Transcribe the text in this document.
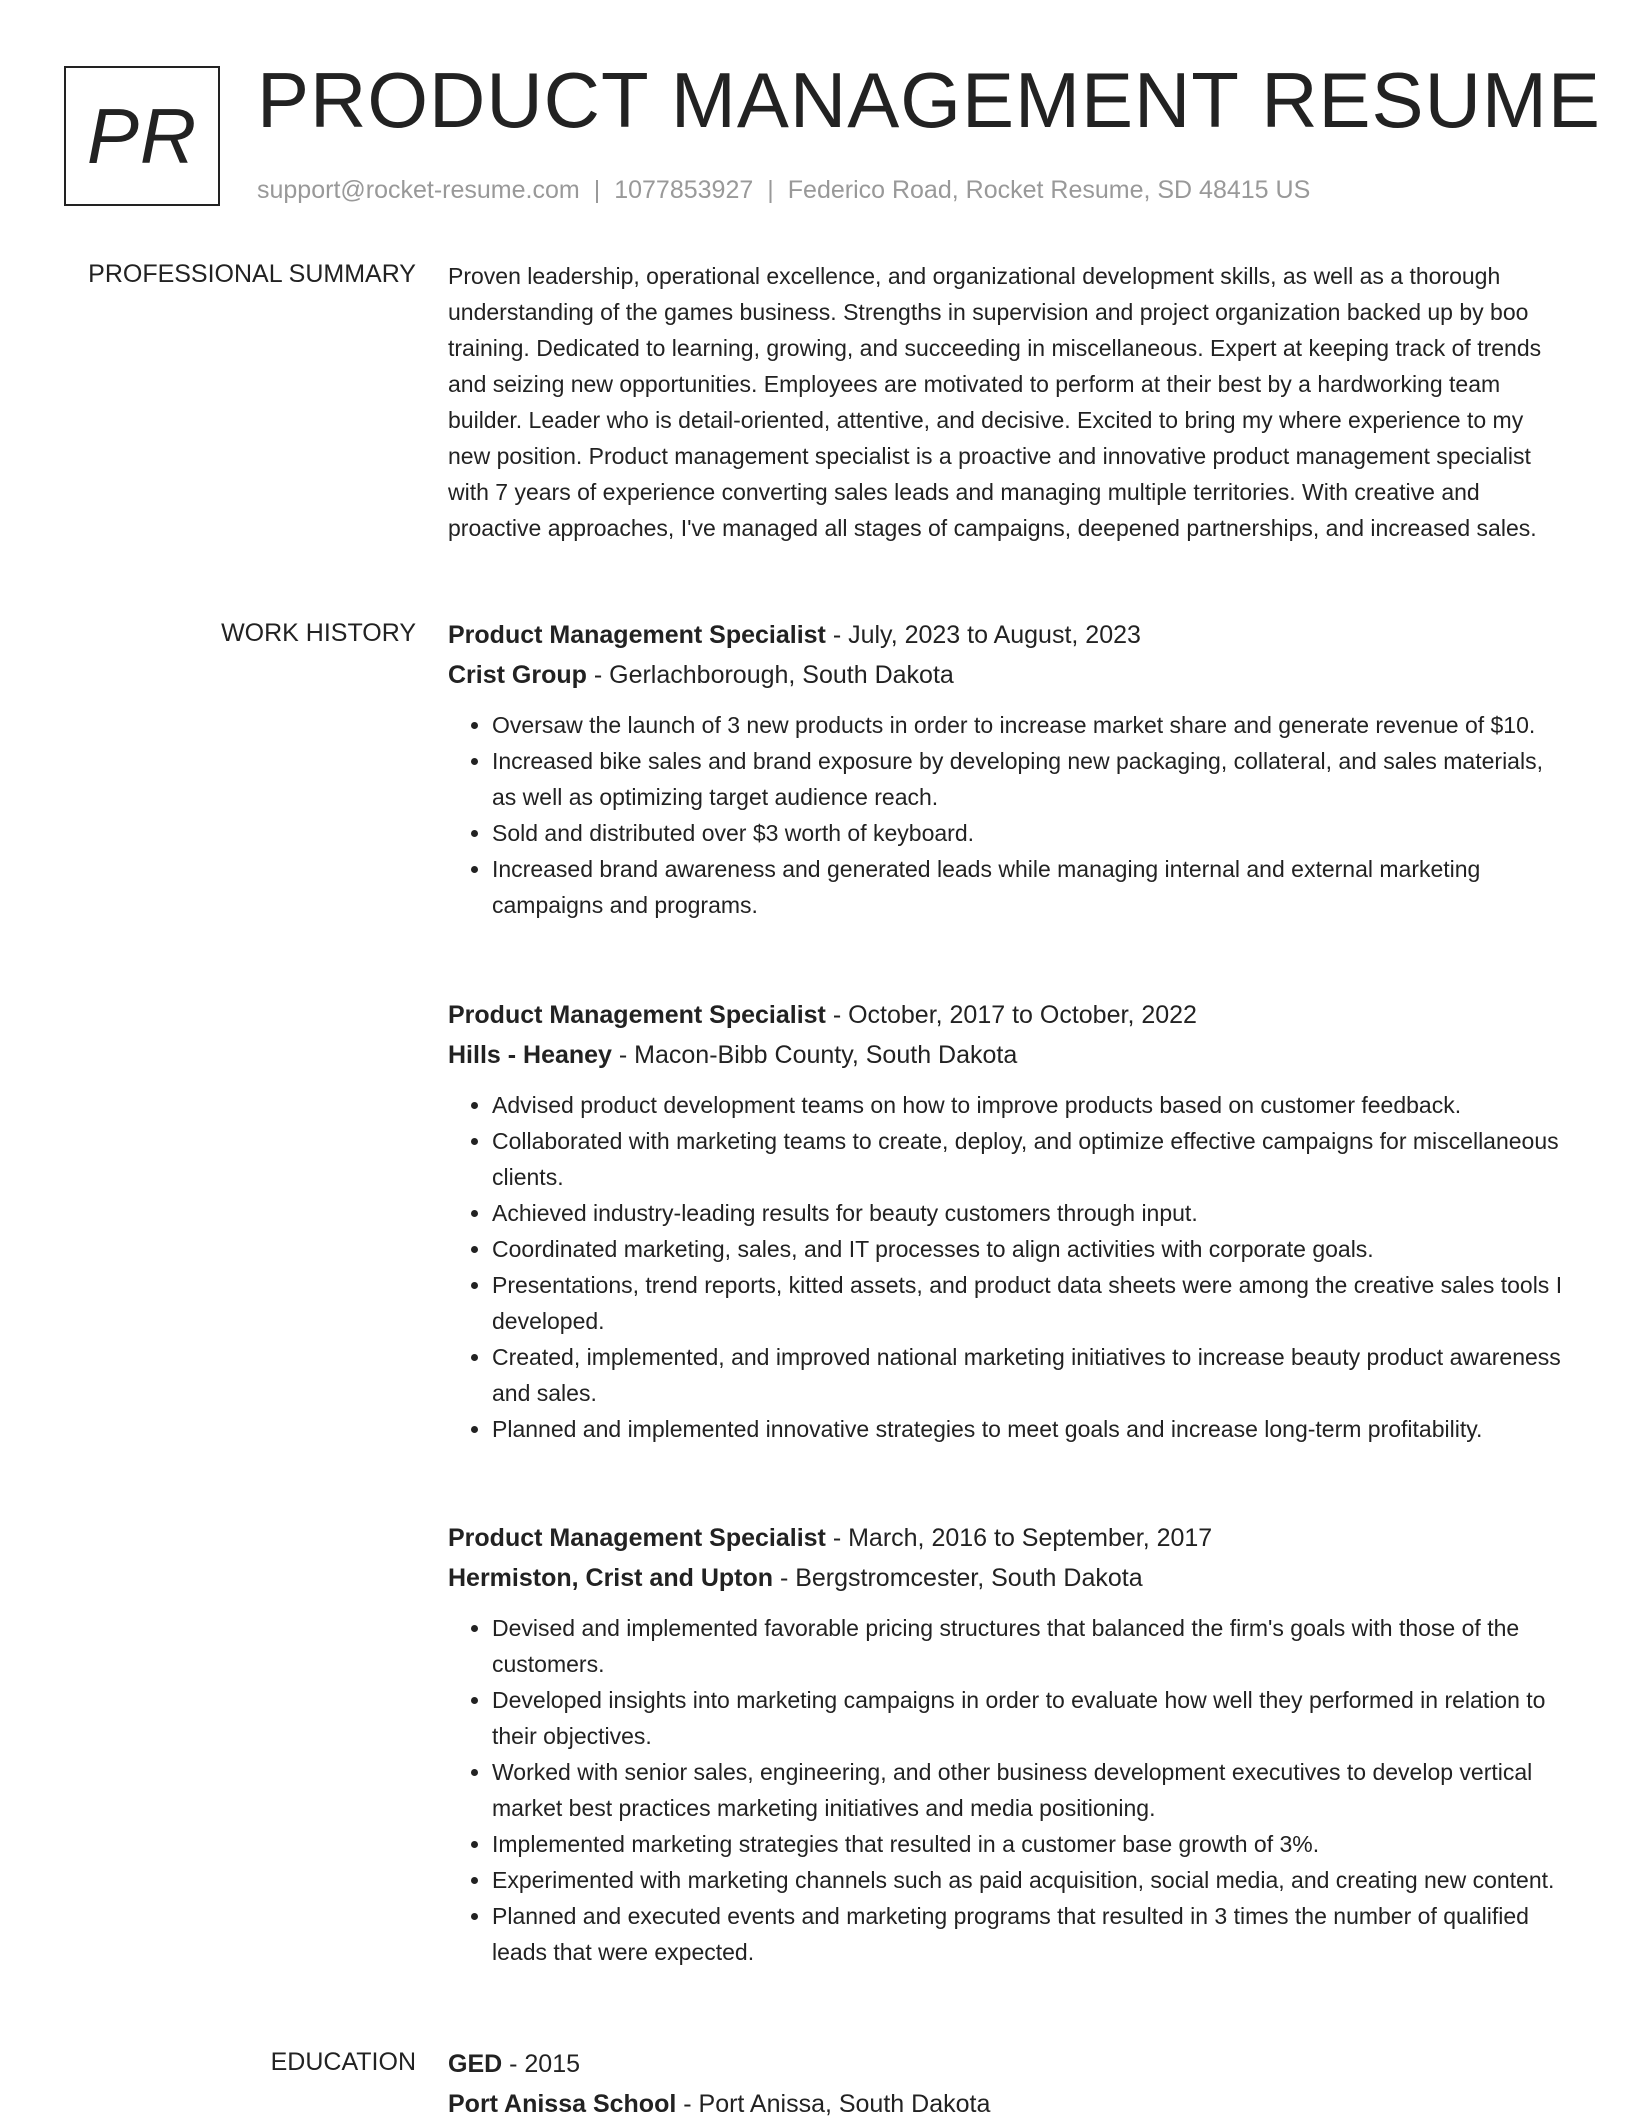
PR PRODUCT MANAGEMENT RESUME
support@rocket-resume.com | 1077853927 | Federico Road, Rocket Resume, SD 48415 US
PROFESSIONAL SUMMARY Proven leadership, operational excellence, and organizational development skills, as well as a thorough understanding of the games business. Strengths in supervision and project organization backed up by boo training. Dedicated to learning, growing, and succeeding in miscellaneous. Expert at keeping track of trends and seizing new opportunities. Employees are motivated to perform at their best by a hardworking team builder. Leader who is detail-oriented, attentive, and decisive. Excited to bring my where experience to my new position. Product management specialist is a proactive and innovative product management specialist with 7 years of experience converting sales leads and managing multiple territories. With creative and proactive approaches, I've managed all stages of campaigns, deepened partnerships, and increased sales.

WORK HISTORY Product Management Specialist - July, 2023 to August, 2023

Crist Group - Gerlachborough, South Dakota

• Oversaw the launch of 3 new products in order to increase market share and generate revenue of $10.
• Increased bike sales and brand exposure by developing new packaging, collateral, and sales materials, as well as optimizing target audience reach.
• Sold and distributed over $3 worth of keyboard.
• Increased brand awareness and generated leads while managing internal and external marketing campaigns and programs.

Product Management Specialist - October, 2017 to October, 2022

Hills - Heaney - Macon-Bibb County, South Dakota

• Advised product development teams on how to improve products based on customer feedback.
• Collaborated with marketing teams to create, deploy, and optimize effective campaigns for miscellaneous clients.
• Achieved industry-leading results for beauty customers through input.
• Coordinated marketing, sales, and IT processes to align activities with corporate goals.
• Presentations, trend reports, kitted assets, and product data sheets were among the creative sales tools I developed.
• Created, implemented, and improved national marketing initiatives to increase beauty product awareness and sales.
• Planned and implemented innovative strategies to meet goals and increase long-term profitability.

Product Management Specialist - March, 2016 to September, 2017

Hermiston, Crist and Upton - Bergstromcester, South Dakota

• Devised and implemented favorable pricing structures that balanced the firm's goals with those of the customers.
• Developed insights into marketing campaigns in order to evaluate how well they performed in relation to their objectives.
• Worked with senior sales, engineering, and other business development executives to develop vertical market best practices marketing initiatives and media positioning.
• Implemented marketing strategies that resulted in a customer base growth of 3%.
• Experimented with marketing channels such as paid acquisition, social media, and creating new content.
• Planned and executed events and marketing programs that resulted in 3 times the number of qualified leads that were expected.
EDUCATION GED - 2015

Port Anissa School - Port Anissa, South Dakota
